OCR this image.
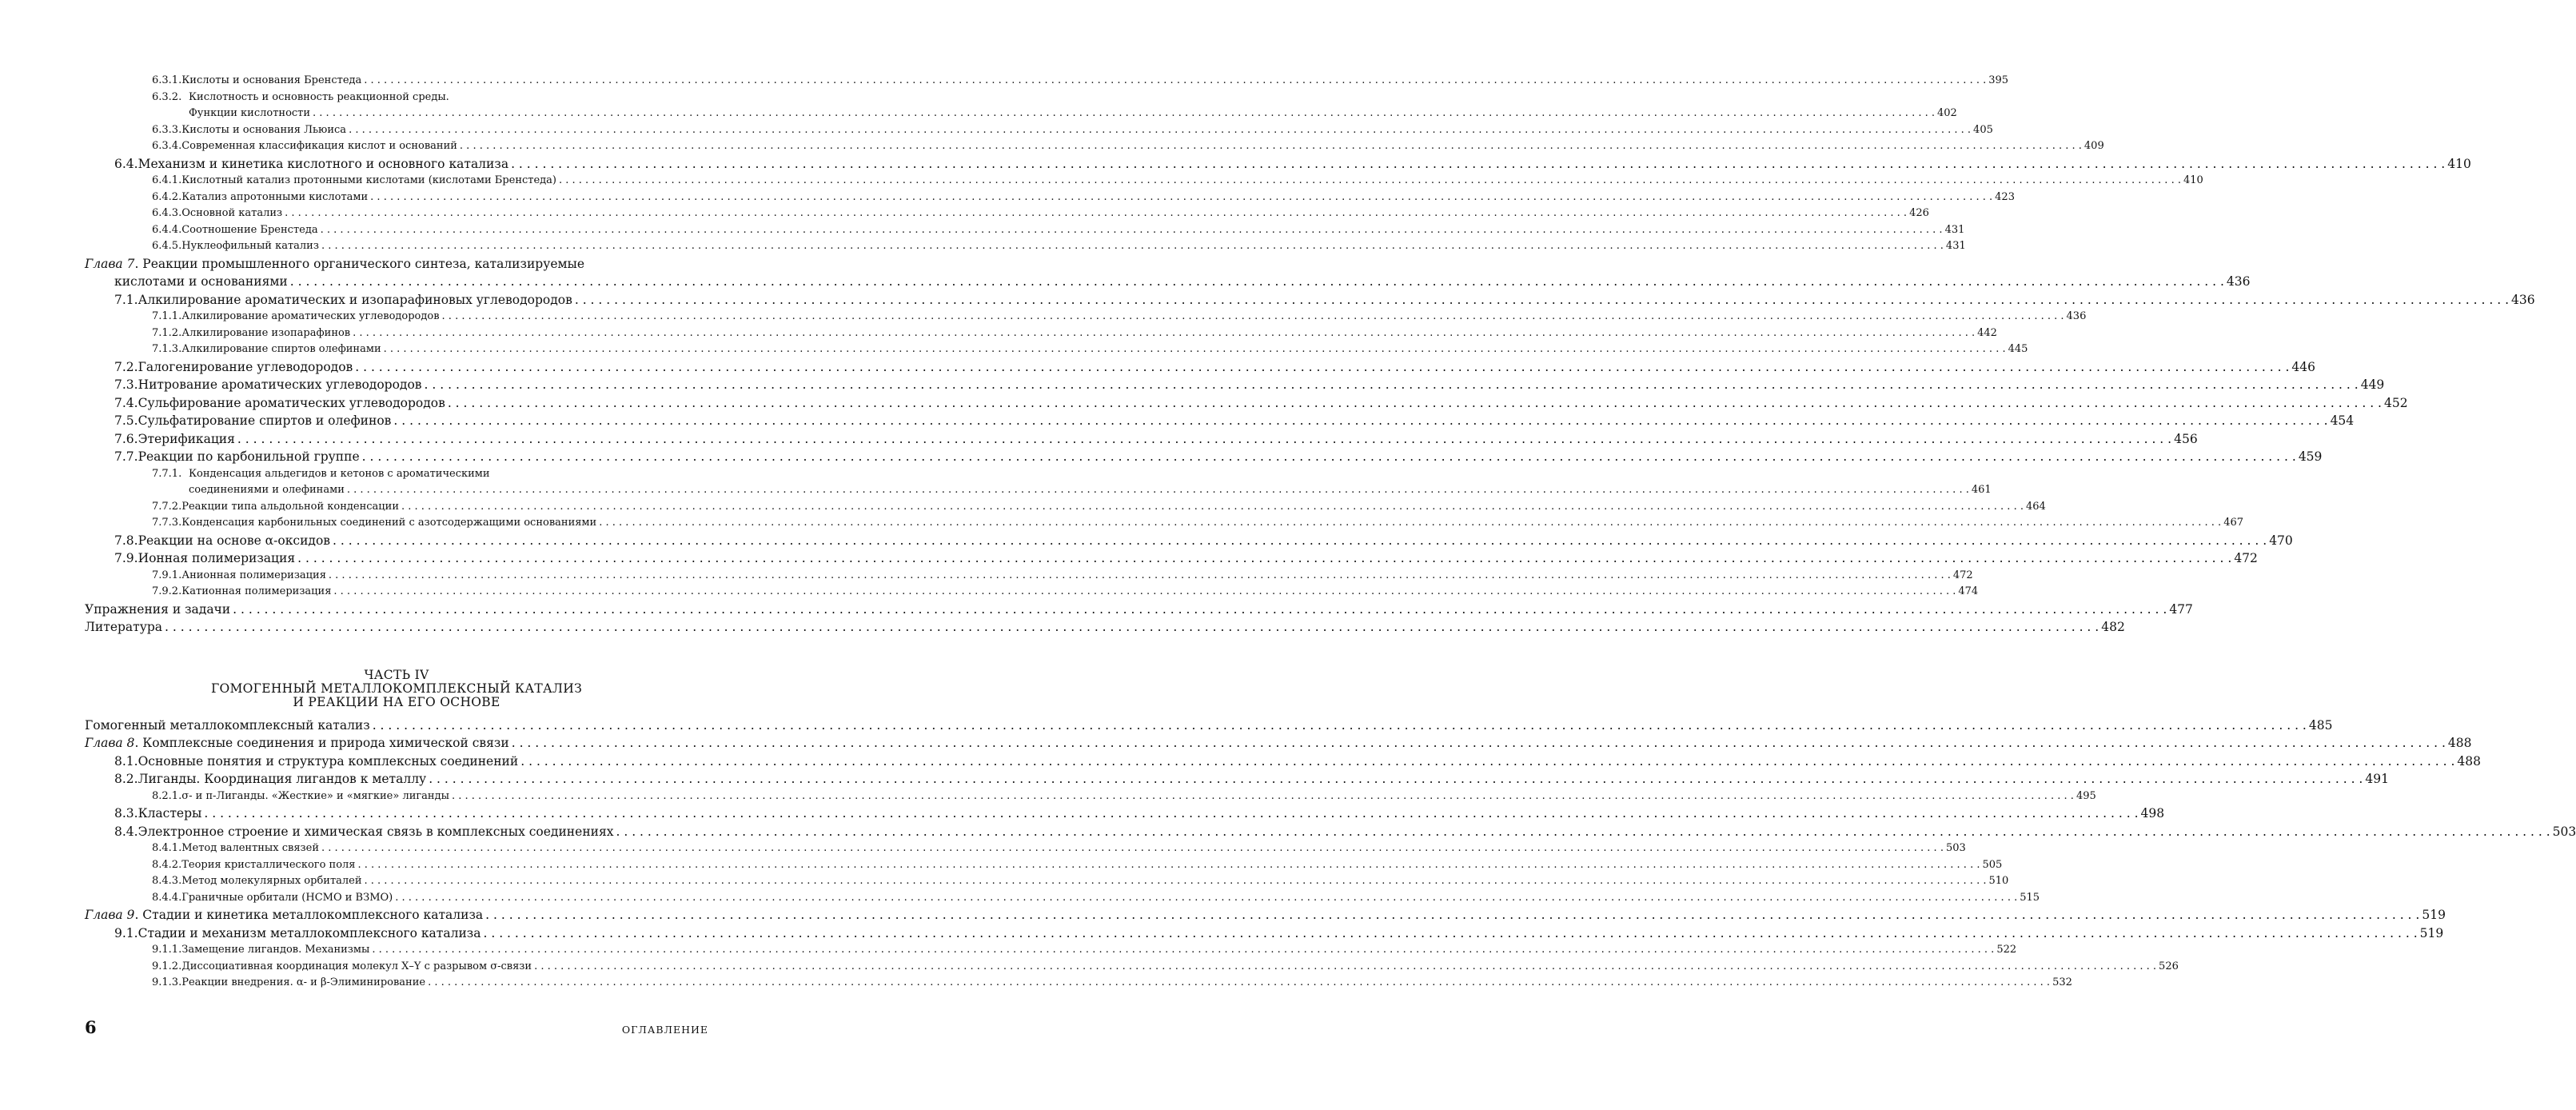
6.3.1. Кислоты и основания Бренстеда . . .	395
6.3.2. Кислотность и основность реакционной среды.
Функции кислотности . . .	402
6.3.3. Кислоты и основания Льюиса . . .	405
6.3.4. Современная классификация кислот и оснований . . .	409
6.4. Механизм и кинетика кислотного и основного катализа . . .	410
6.4.1. Кислотный катализ протонными кислотами (кислотами Бренстеда) . . .	410
6.4.2. Катализ апротонными кислотами . . .	423
6.4.3. Основной катализ . . .	426
6.4.4. Соотношение Бренстеда . . .	431
6.4.5. Нуклеофильный катализ . . .	431
Глава 7. Реакции промышленного органического синтеза, катализируемые
кислотами и основаниями . . .	436
7.1. Алкилирование ароматических и изопарафиновых углеводородов . . .	436
7.1.1. Алкилирование ароматических углеводородов . . .	436
7.1.2. Алкилирование изопарафинов . . .	442
7.1.3. Алкилирование спиртов олефинами . . .	445
7.2. Галогенирование углеводородов . . .	446
7.3. Нитрование ароматических углеводородов . . .	449
7.4. Сульфирование ароматических углеводородов . . .	452
7.5. Сульфатирование спиртов и олефинов . . .	454
7.6. Этерификация . . .	456
7.7. Реакции по карбонильной группе . . .	459
7.7.1. Конденсация альдегидов и кетонов с ароматическими
соединениями и олефинами . . .	461
7.7.2. Реакции типа альдольной конденсации . . .	464
7.7.3. Конденсация карбонильных соединений с азотсодержащими основаниями . . .	467
7.8. Реакции на основе α-оксидов . . .	470
7.9. Ионная полимеризация . . .	472
7.9.1. Анионная полимеризация . . .	472
7.9.2. Катионная полимеризация . . .	474
Упражнения и задачи . . .	477
Литература . . .	482
ЧАСТЬ IV
ГОМОГЕННЫЙ МЕТАЛЛОКОМПЛЕКСНЫЙ КАТАЛИЗ
И РЕАКЦИИ НА ЕГО ОСНОВЕ
Гомогенный металлокомплексный катализ . . .	485
Глава 8. Комплексные соединения и природа химической связи . . .	488
8.1. Основные понятия и структура комплексных соединений . . .	488
8.2. Лиганды. Координация лигандов к металлу . . .	491
8.2.1. σ- и π-Лиганды. «Жесткие» и «мягкие» лиганды . . .	495
8.3. Кластеры . . .	498
8.4. Электронное строение и химическая связь в комплексных соединениях . . .	503
8.4.1. Метод валентных связей . . .	503
8.4.2. Теория кристаллического поля . . .	505
8.4.3. Метод молекулярных орбиталей . . .	510
8.4.4. Граничные орбитали (НСМО и ВЗМО) . . .	515
Глава 9. Стадии и кинетика металлокомплексного катализа . . .	519
9.1. Стадии и механизм металлокомплексного катализа . . .	519
9.1.1. Замещение лигандов. Механизмы . . .	522
9.1.2. Диссоциативная координация молекул X–Y с разрывом σ-связи . . .	526
9.1.3. Реакции внедрения. α- и β-Элиминирование . . .	532
6	ОГЛАВЛЕНИЕ
